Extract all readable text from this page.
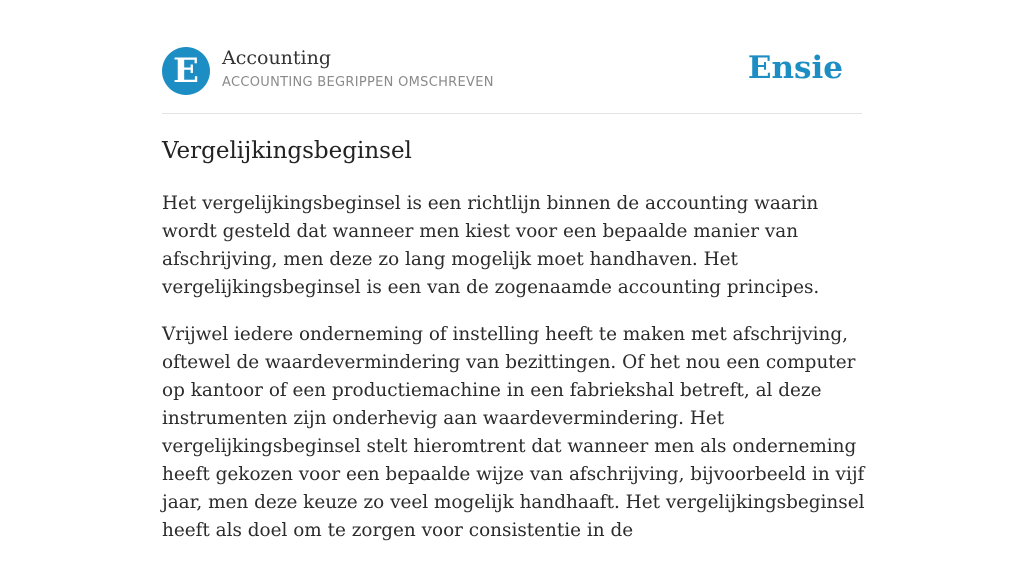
E	Accounting
ACCOUNTING BEGRIPPEN OMSCHREVEN	Ensie
Vergelijkingsbeginsel

Het vergelijkingsbeginsel is een richtlijn binnen de accounting waarin wordt gesteld dat wanneer men kiest voor een bepaalde manier van afschrijving, men deze zo lang mogelijk moet handhaven. Het vergelijkingsbeginsel is een van de zogenaamde accounting principes.

Vrijwel iedere onderneming of instelling heeft te maken met afschrijving, oftewel de waardevermindering van bezittingen. Of het nou een computer op kantoor of een productiemachine in een fabriekshal betreft, al deze instrumenten zijn onderhevig aan waardevermindering. Het vergelijkingsbeginsel stelt hieromtrent dat wanneer men als onderneming heeft gekozen voor een bepaalde wijze van afschrijving, bijvoorbeeld in vijf jaar, men deze keuze zo veel mogelijk handhaaft. Het vergelijkingsbeginsel heeft als doel om te zorgen voor consistentie in de
